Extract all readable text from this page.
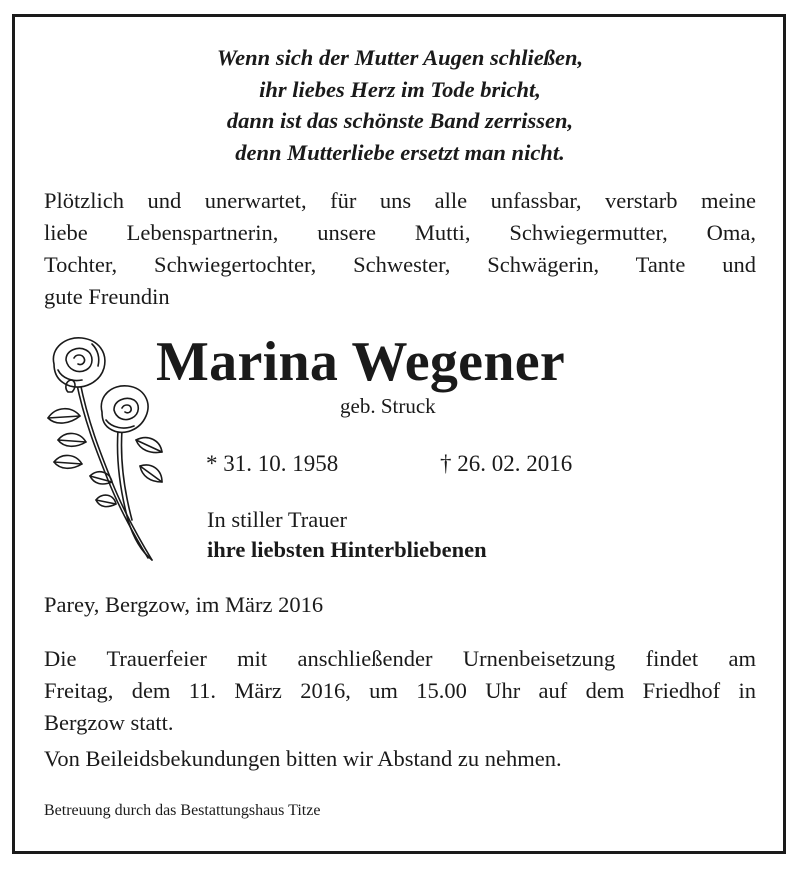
Wenn sich der Mutter Augen schließen,
ihr liebes Herz im Tode bricht,
dann ist das schönste Band zerrissen,
denn Mutterliebe ersetzt man nicht.
Plötzlich und unerwartet, für uns alle unfassbar, verstarb meine
liebe Lebenspartnerin, unsere Mutti, Schwiegermutter, Oma,
Tochter, Schwiegertochter, Schwester, Schwägerin, Tante und
gute Freundin
Marina Wegener
geb. Struck
* 31. 10. 1958	† 26. 02. 2016
In stiller Trauer
ihre liebsten Hinterbliebenen
Parey, Bergzow, im März 2016
Die Trauerfeier mit anschließender Urnenbeisetzung findet am
Freitag, dem 11. März 2016, um 15.00 Uhr auf dem Friedhof in
Bergzow statt.
Von Beileidsbekundungen bitten wir Abstand zu nehmen.
Betreuung durch das Bestattungshaus Titze
